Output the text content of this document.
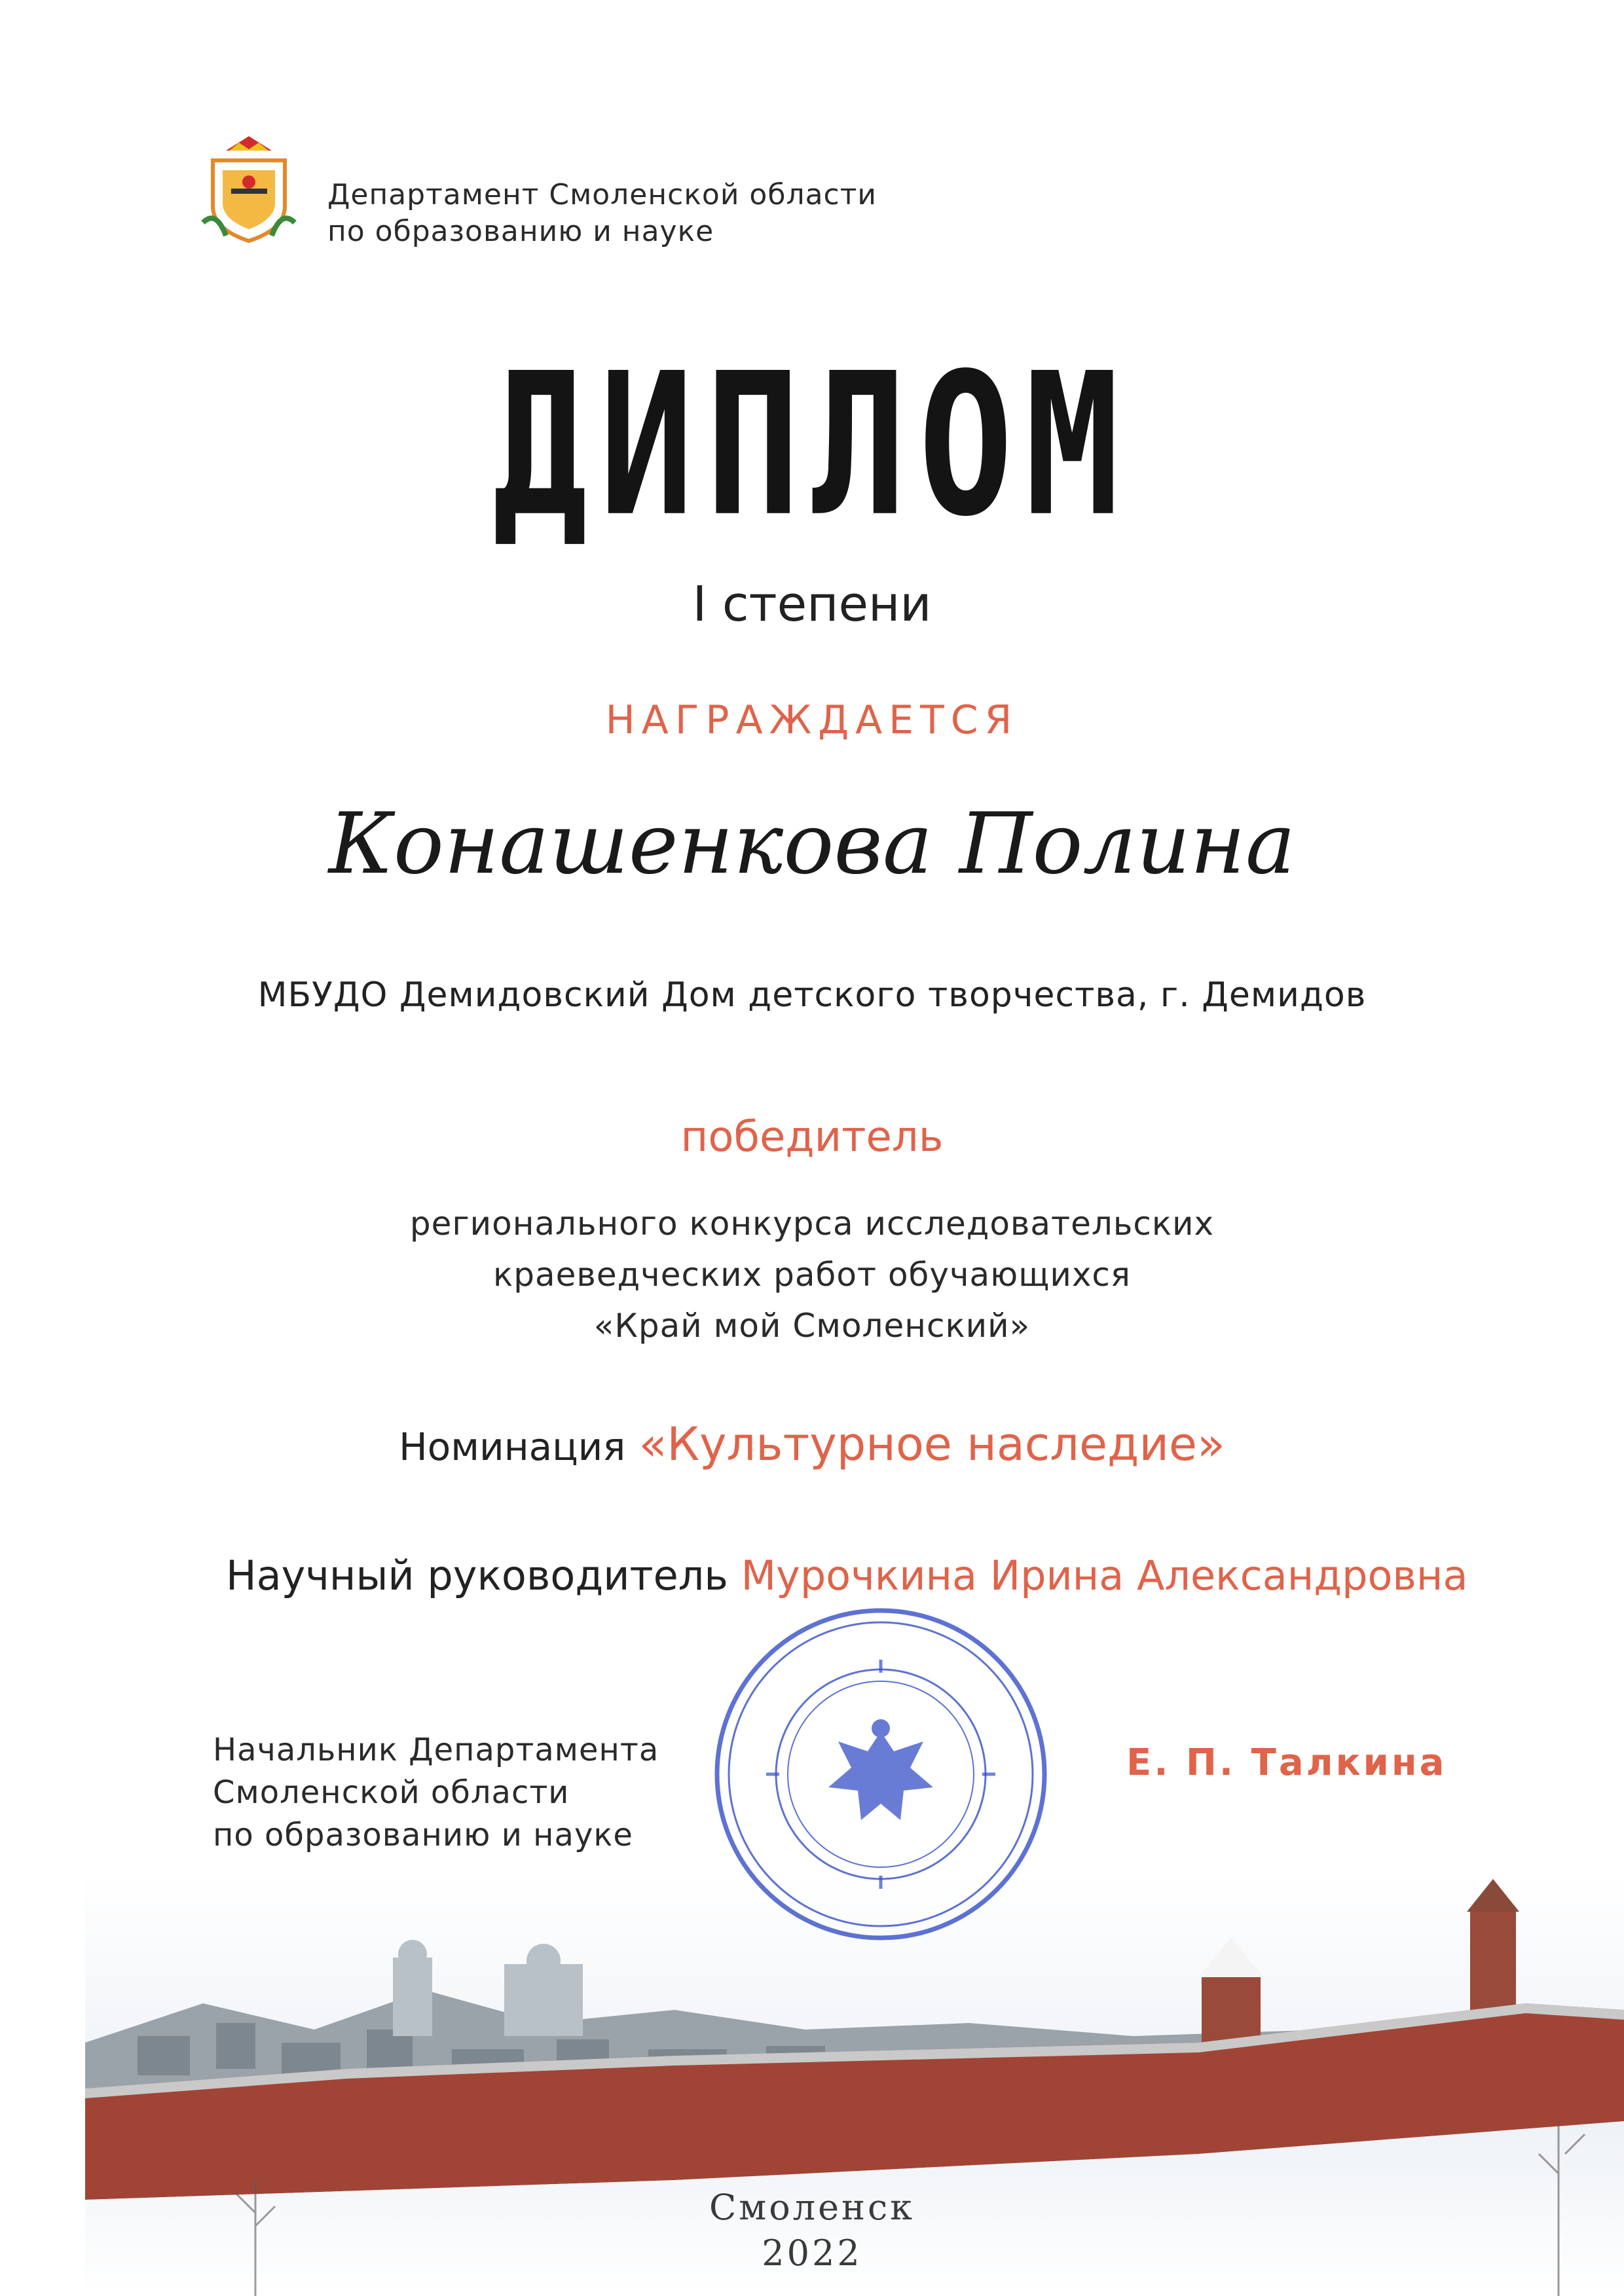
Департамент Смоленской области
по образованию и науке
ДИПЛОМ
I степени
НАГРАЖДАЕТСЯ
Конашенкова Полина
МБУДО Демидовский Дом детского творчества, г. Демидов
победитель
регионального конкурса исследовательских
краеведческих работ обучающихся
«Край мой Смоленский»
Номинация «Культурное наследие»
Научный руководитель Мурочкина Ирина Александровна
Начальник Департамента
Смоленской области
по образованию и науке
Е. П. Талкина
Смоленск
2022
